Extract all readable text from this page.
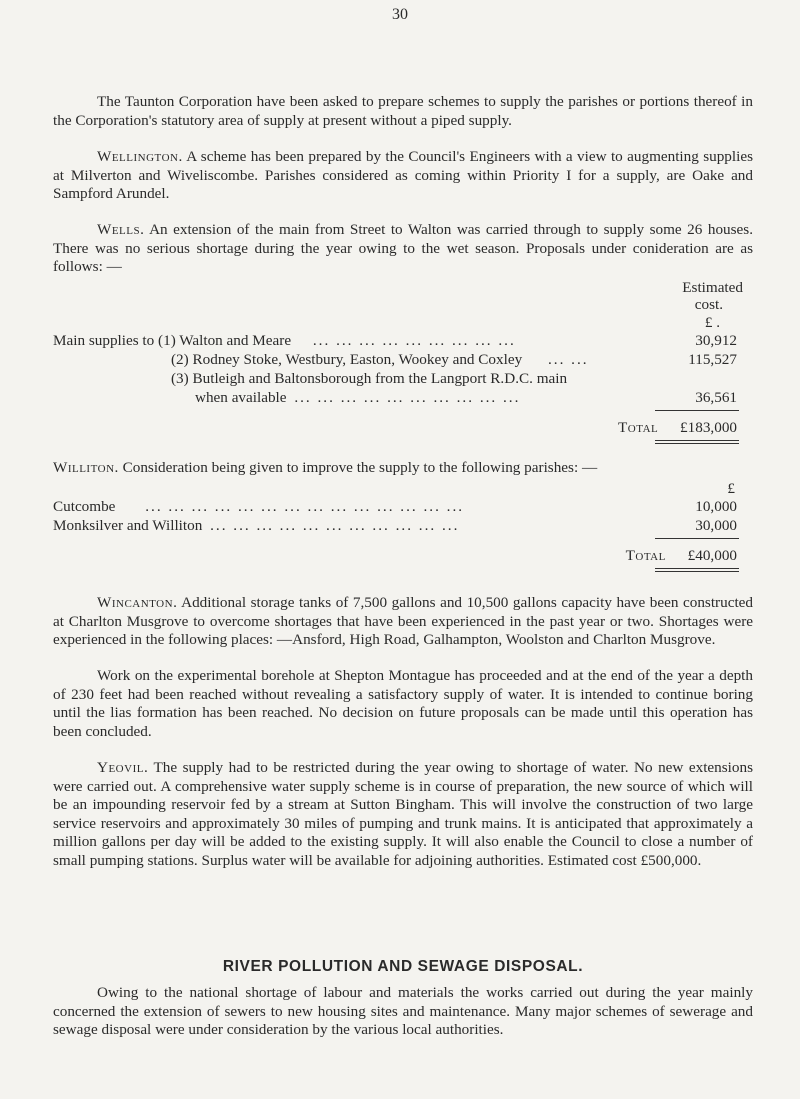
30

The Taunton Corporation have been asked to prepare schemes to supply the parishes or portions thereof in the Corporation's statutory area of supply at present without a piped supply.

Wellington. A scheme has been prepared by the Council's Engineers with a view to augmenting supplies at Milverton and Wiveliscombe. Parishes considered as coming within Priority I for a supply, are Oake and Sampford Arundel.

Wells. An extension of the main from Street to Walton was carried through to supply some 26 houses. There was no serious shortage during the year owing to the wet season. Proposals under conideration are as follows: —

Estimated
cost.
£ .
Main supplies to (1) Walton and Meare ... ... ... ... ... ... ... ... ...	30,912
(2) Rodney Stoke, Westbury, Easton, Wookey and Coxley ... ...	115,527
(3) Butleigh and Baltonsborough from the Langport R.D.C. main
when available ... ... ... ... ... ... ... ... ... ...	36,561
Total £183,000

Williton. Consideration being given to improve the supply to the following parishes: —

£
Cutcombe ... ... ... ... ... ... ... ... ... ... ... ... ... ...	10,000
Monksilver and Williton ... ... ... ... ... ... ... ... ... ... ...	30,000
Total £40,000

Wincanton. Additional storage tanks of 7,500 gallons and 10,500 gallons capacity have been constructed at Charlton Musgrove to overcome shortages that have been experienced in the past year or two. Shortages were experienced in the following places: —Ansford, High Road, Galhampton, Woolston and Charlton Musgrove.

Work on the experimental borehole at Shepton Montague has proceeded and at the end of the year a depth of 230 feet had been reached without revealing a satisfactory supply of water. It is intended to continue boring until the lias formation has been reached. No decision on future proposals can be made until this operation has been concluded.

Yeovil. The supply had to be restricted during the year owing to shortage of water. No new extensions were carried out. A comprehensive water supply scheme is in course of preparation, the new source of which will be an impounding reservoir fed by a stream at Sutton Bingham. This will involve the construction of two large service reservoirs and approximately 30 miles of pumping and trunk mains. It is anticipated that approximately a million gallons per day will be added to the existing supply. It will also enable the Council to close a number of small pumping stations. Surplus water will be available for adjoining authorities. Estimated cost £500,000.

RIVER POLLUTION AND SEWAGE DISPOSAL.

Owing to the national shortage of labour and materials the works carried out during the year mainly concerned the extension of sewers to new housing sites and maintenance. Many major schemes of sewerage and sewage disposal were under consideration by the various local authorities.
